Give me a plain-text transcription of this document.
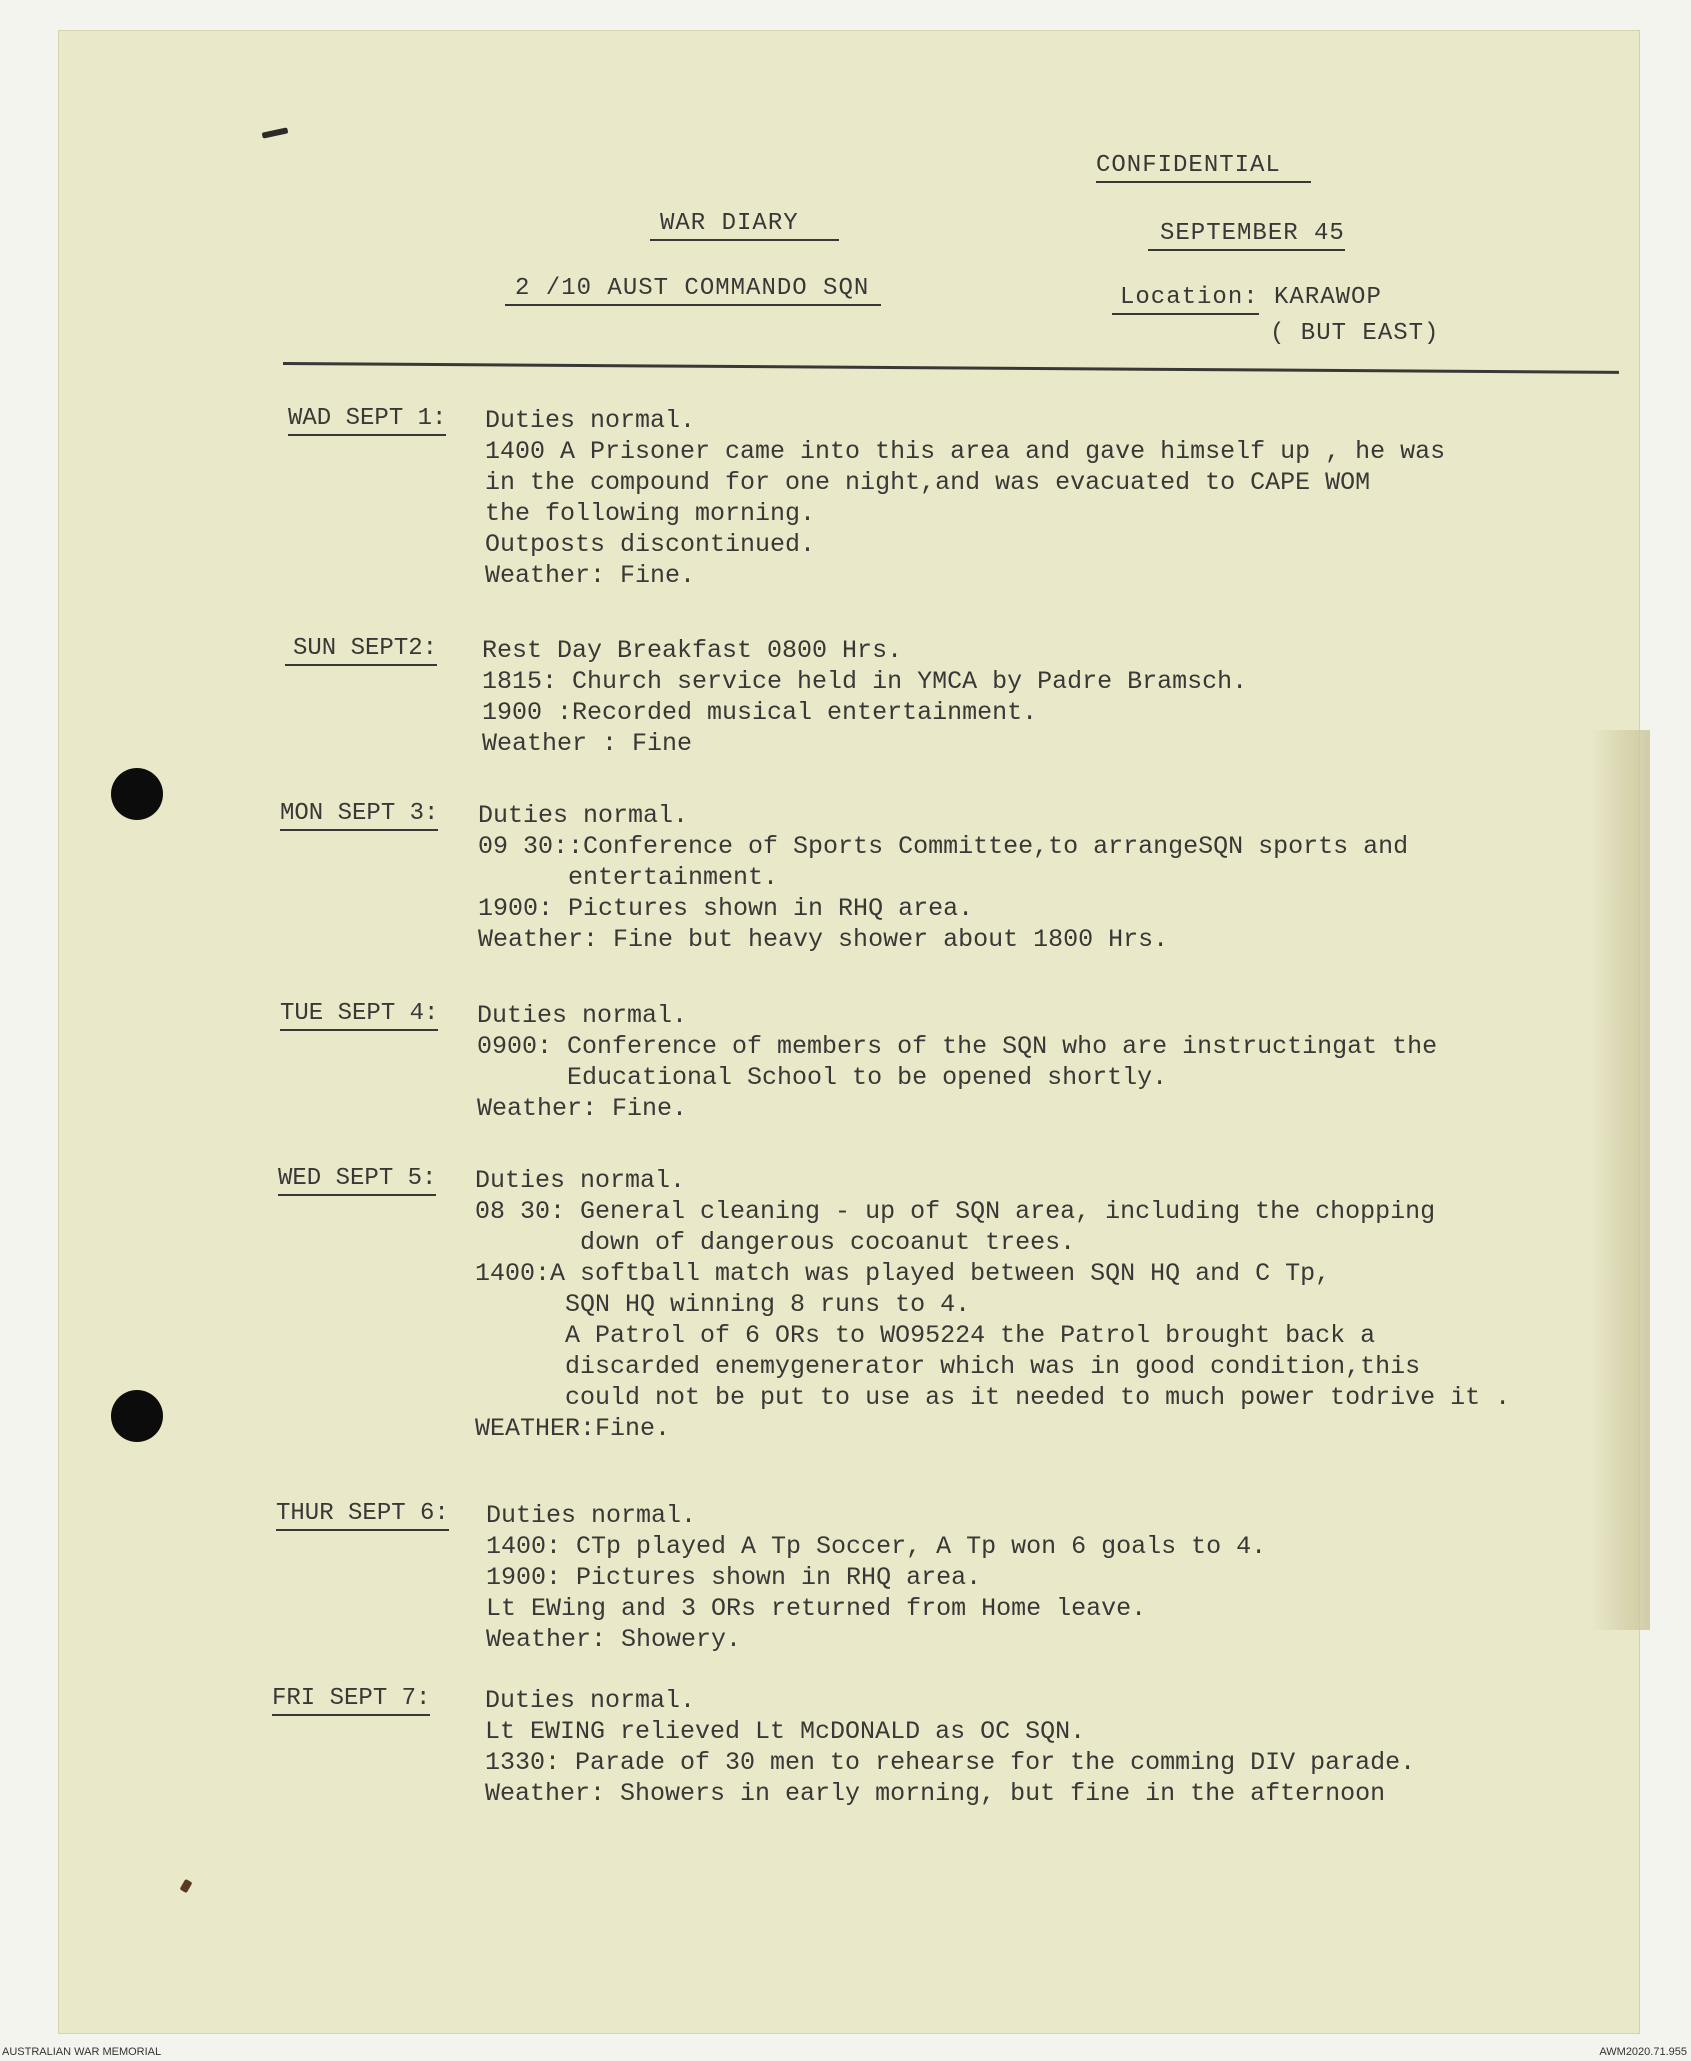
CONFIDENTIAL
WAR DIARY	SEPTEMBER 45
2 /10 AUST COMMANDO SQN	Location: KARAWOP
( BUT EAST)
WAD SEPT 1: Duties normal.
1400 A Prisoner came into this area and gave himself up , he was
in the compound for one night,and was evacuated to CAPE WOM
the following morning.
Outposts discontinued.
Weather: Fine.
SUN SEPT2: Rest Day Breakfast 0800 Hrs.
1815: Church service held in YMCA by Padre Bramsch.
1900 :Recorded musical entertainment.
Weather : Fine
MON SEPT 3: Duties normal.
09 30::Conference of Sports Committee,to arrangeSQN sports and
entertainment.
1900: Pictures shown in RHQ area.
Weather: Fine but heavy shower about 1800 Hrs.
TUE SEPT 4: Duties normal.
0900: Conference of members of the SQN who are instructingat the
Educational School to be opened shortly.
Weather: Fine.
WED SEPT 5: Duties normal.
08 30: General cleaning - up of SQN area, including the chopping
down of dangerous cocoanut trees.
1400:A softball match was played between SQN HQ and C Tp,
SQN HQ winning 8 runs to 4.
A Patrol of 6 ORs to WO95224 the Patrol brought back a
discarded enemygenerator which was in good condition,this
could not be put to use as it needed to much power todrive it .
WEATHER:Fine.
THUR SEPT 6: Duties normal.
1400: CTp played A Tp Soccer, A Tp won 6 goals to 4.
1900: Pictures shown in RHQ area.
Lt EWing and 3 ORs returned from Home leave.
Weather: Showery.
FRI SEPT 7: Duties normal.
Lt EWING relieved Lt McDONALD as OC SQN.
1330: Parade of 30 men to rehearse for the comming DIV parade.
Weather: Showers in early morning, but fine in the afternoon
AUSTRALIAN WAR MEMORIAL	AWM2020.71.955
